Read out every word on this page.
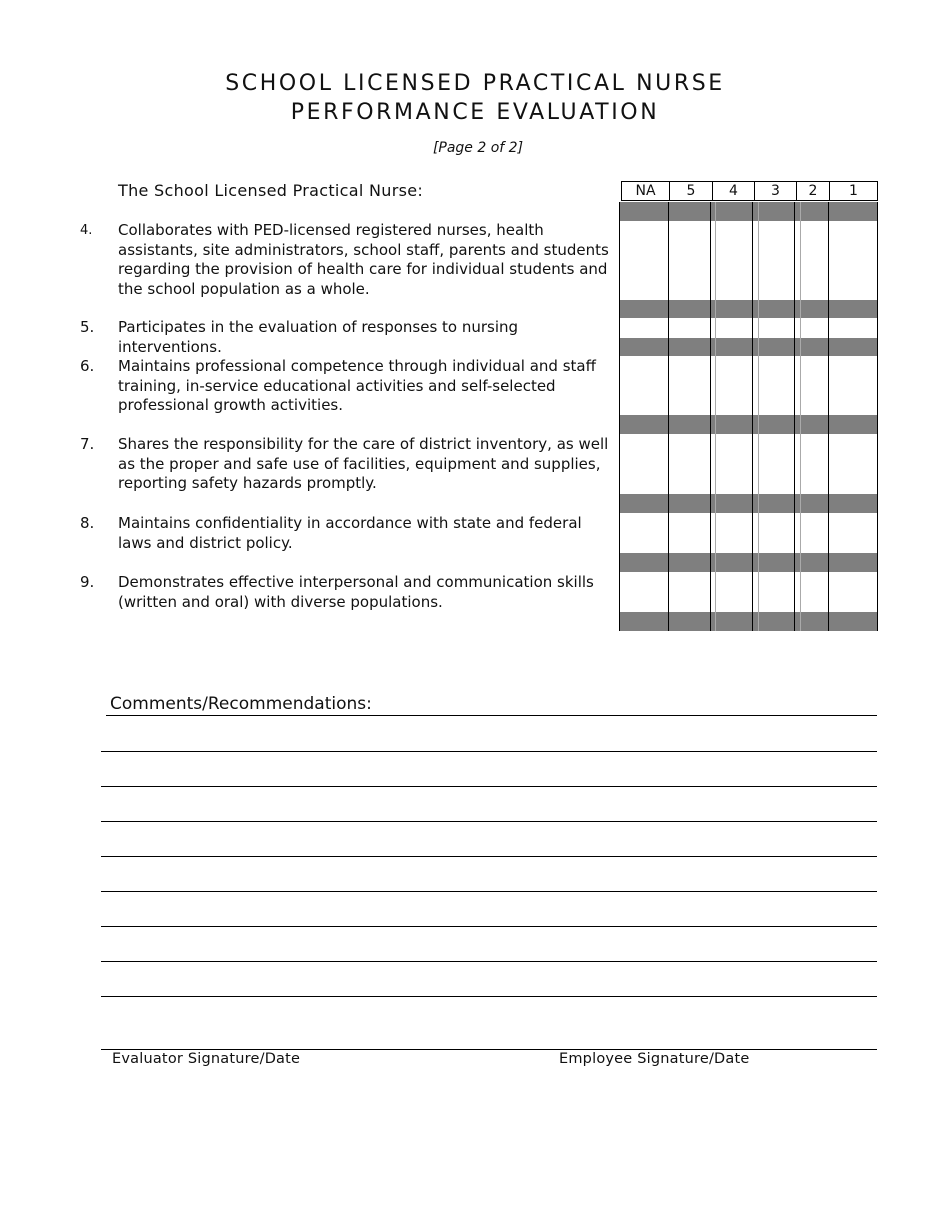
SCHOOL LICENSED PRACTICAL NURSE
PERFORMANCE EVALUATION
[Page 2 of 2]
The School Licensed Practical Nurse:
4.	Collaborates with PED-licensed registered nurses, health assistants, site administrators, school staff, parents and students regarding the provision of health care for individual students and the school population as a whole.
5.	Participates in the evaluation of responses to nursing interventions.
6.	Maintains professional competence through individual and staff training, in-service educational activities and self-selected professional growth activities.
7.	Shares the responsibility for the care of district inventory, as well as the proper and safe use of facilities, equipment and supplies, reporting safety hazards promptly.
8.	Maintains confidentiality in accordance with state and federal laws and district policy.
9.	Demonstrates effective interpersonal and communication skills (written and oral) with diverse populations.
NA	5	4	3	2	1
Comments/Recommendations:
Evaluator Signature/Date	Employee Signature/Date
